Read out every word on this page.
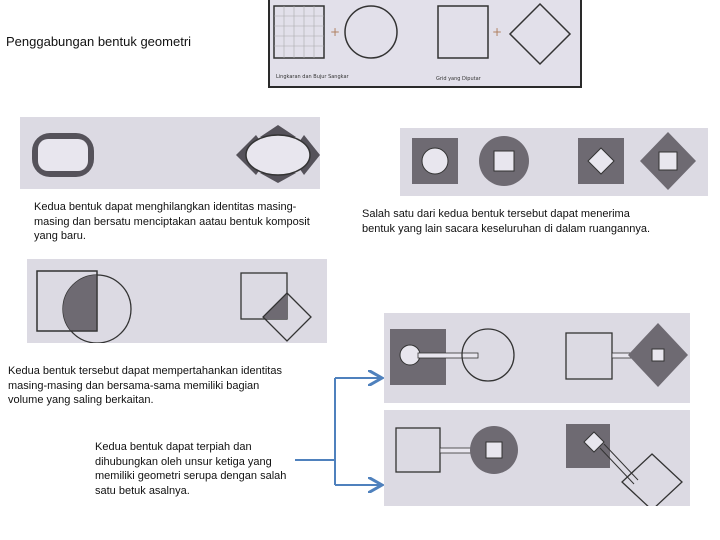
Penggabungan bentuk geometri
+	+
Lingkaran dan Bujur Sangkar	Grid yang Diputar
Kedua bentuk dapat menghilangkan identitas masing-masing dan bersatu menciptakan aatau bentuk komposit yang baru.
Salah satu dari kedua bentuk tersebut dapat menerima bentuk yang lain sacara keseluruhan di dalam ruangannya.
Kedua bentuk tersebut dapat mempertahankan identitas masing-masing dan bersama-sama memiliki bagian volume yang saling berkaitan.
Kedua bentuk dapat terpiah dan dihubungkan oleh unsur ketiga yang memiliki geometri serupa dengan salah satu betuk asalnya.
